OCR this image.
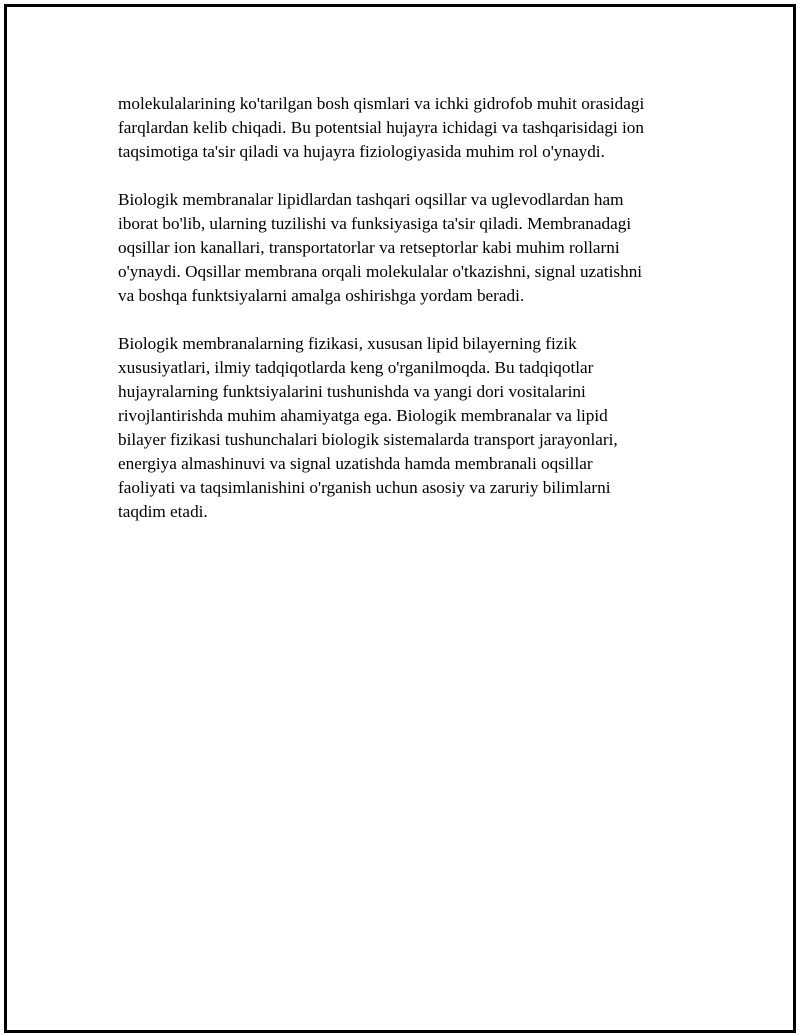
molekulalarining ko'tarilgan bosh qismlari va ichki gidrofob muhit orasidagi
farqlardan kelib chiqadi. Bu potentsial hujayra ichidagi va tashqarisidagi ion
taqsimotiga ta'sir qiladi va hujayra fiziologiyasida muhim rol o'ynaydi.

Biologik membranalar lipidlardan tashqari oqsillar va uglevodlardan ham
iborat bo'lib, ularning tuzilishi va funksiyasiga ta'sir qiladi. Membranadagi
oqsillar ion kanallari, transportatorlar va retseptorlar kabi muhim rollarni
o'ynaydi. Oqsillar membrana orqali molekulalar o'tkazishni, signal uzatishni
va boshqa funktsiyalarni amalga oshirishga yordam beradi.

Biologik membranalarning fizikasi, xususan lipid bilayerning fizik
xususiyatlari, ilmiy tadqiqotlarda keng o'rganilmoqda. Bu tadqiqotlar
hujayralarning funktsiyalarini tushunishda va yangi dori vositalarini
rivojlantirishda muhim ahamiyatga ega. Biologik membranalar va lipid
bilayer fizikasi tushunchalari biologik sistemalarda transport jarayonlari,
energiya almashinuvi va signal uzatishda hamda membranali oqsillar
faoliyati va taqsimlanishini o'rganish uchun asosiy va zaruriy bilimlarni
taqdim etadi.
